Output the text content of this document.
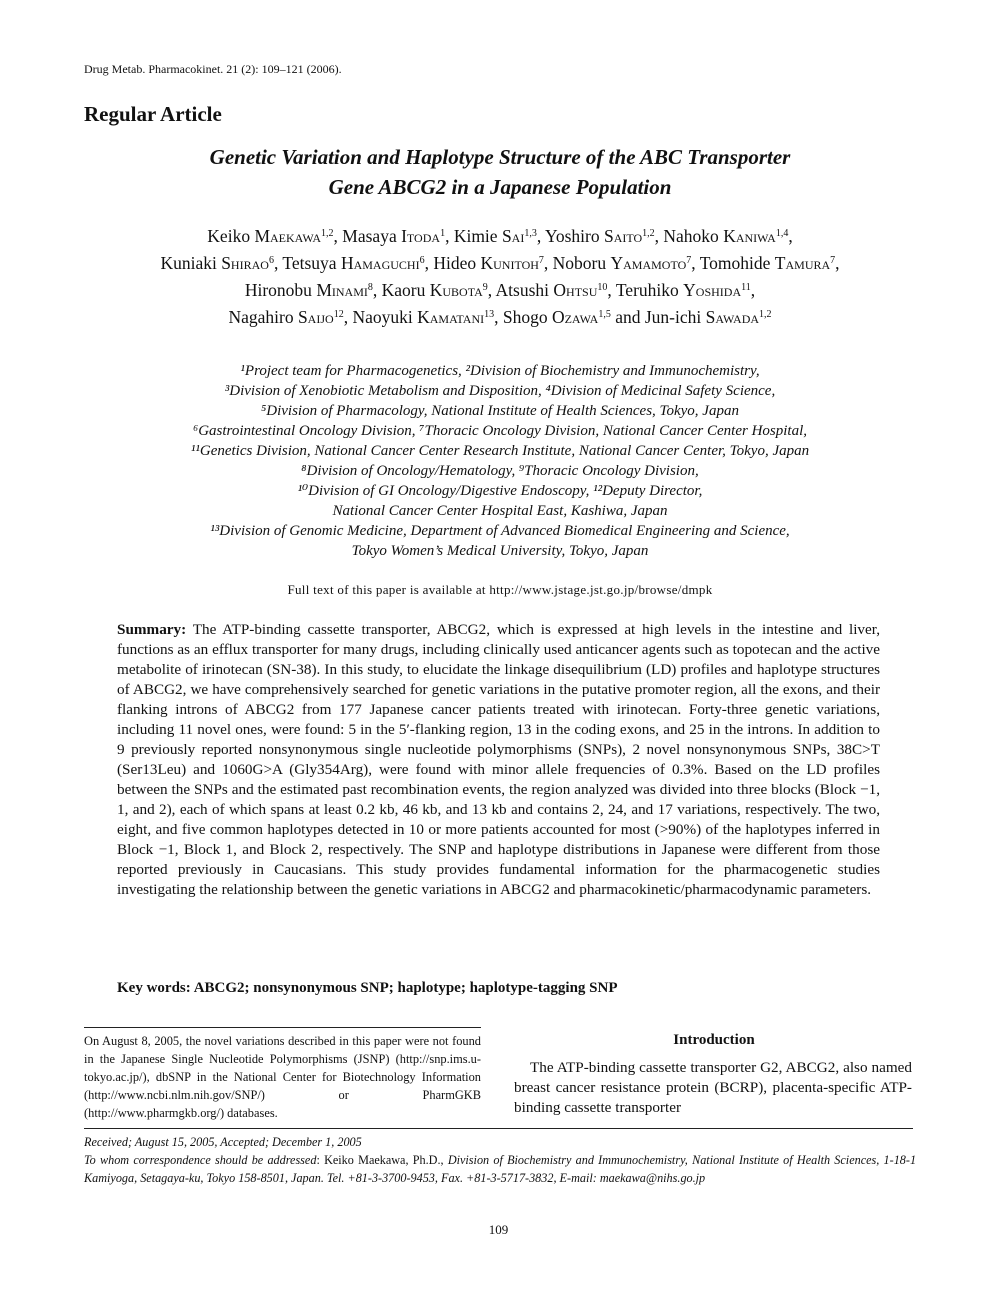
Drug Metab. Pharmacokinet. 21 (2): 109–121 (2006).
Regular Article
Genetic Variation and Haplotype Structure of the ABC Transporter
Gene ABCG2 in a Japanese Population
Keiko Maekawa$^{1,2}$, Masaya Itoda$^1$, Kimie Sai$^{1,3}$, Yoshiro Saito$^{1,2}$, Nahoko Kaniwa$^{1,4}$,
Kuniaki Shirao$^6$, Tetsuya Hamaguchi$^6$, Hideo Kunitoh$^7$, Noboru Yamamoto$^7$, Tomohide Tamura$^7$,
Hironobu Minami$^8$, Kaoru Kubota$^9$, Atsushi Ohtsu$^{10}$, Teruhiko Yoshida$^{11}$,
Nagahiro Saijo$^{12}$, Naoyuki Kamatani$^{13}$, Shogo Ozawa$^{1,5}$ and Jun-ichi Sawada$^{1,2}$
¹Project team for Pharmacogenetics, ²Division of Biochemistry and Immunochemistry,
³Division of Xenobiotic Metabolism and Disposition, ⁴Division of Medicinal Safety Science,
⁵Division of Pharmacology, National Institute of Health Sciences, Tokyo, Japan
⁶Gastrointestinal Oncology Division, ⁷Thoracic Oncology Division, National Cancer Center Hospital,
¹¹Genetics Division, National Cancer Center Research Institute, National Cancer Center, Tokyo, Japan
⁸Division of Oncology/Hematology, ⁹Thoracic Oncology Division,
¹⁰Division of GI Oncology/Digestive Endoscopy, ¹²Deputy Director,
National Cancer Center Hospital East, Kashiwa, Japan
¹³Division of Genomic Medicine, Department of Advanced Biomedical Engineering and Science,
Tokyo Women’s Medical University, Tokyo, Japan
Full text of this paper is available at http://www.jstage.jst.go.jp/browse/dmpk
Summary: The ATP-binding cassette transporter, ABCG2, which is expressed at high levels in the intestine and liver, functions as an efflux transporter for many drugs, including clinically used anticancer agents such as topotecan and the active metabolite of irinotecan (SN-38). In this study, to elucidate the linkage disequilibrium (LD) profiles and haplotype structures of ABCG2, we have comprehensively searched for genetic variations in the putative promoter region, all the exons, and their flanking introns of ABCG2 from 177 Japanese cancer patients treated with irinotecan. Forty-three genetic variations, including 11 novel ones, were found: 5 in the 5′-flanking region, 13 in the coding exons, and 25 in the introns. In addition to 9 previously reported nonsynonymous single nucleotide polymorphisms (SNPs), 2 novel nonsynonymous SNPs, 38C>T (Ser13Leu) and 1060G>A (Gly354Arg), were found with minor allele frequencies of 0.3%. Based on the LD profiles between the SNPs and the estimated past recombination events, the region analyzed was divided into three blocks (Block −1, 1, and 2), each of which spans at least 0.2 kb, 46 kb, and 13 kb and contains 2, 24, and 17 variations, respectively. The two, eight, and five common haplotypes detected in 10 or more patients accounted for most (>90%) of the haplotypes inferred in Block −1, Block 1, and Block 2, respectively. The SNP and haplotype distributions in Japanese were different from those reported previously in Caucasians. This study provides fundamental information for the pharmacogenetic studies investigating the relationship between the genetic variations in ABCG2 and pharmacokinetic/pharmacodynamic parameters.
Key words: ABCG2; nonsynonymous SNP; haplotype; haplotype-tagging SNP
On August 8, 2005, the novel variations described in this paper were not found in the Japanese Single Nucleotide Polymorphisms (JSNP) (http://snp.ims.u-tokyo.ac.jp/), dbSNP in the National Center for Biotechnology Information (http://www.ncbi.nlm.nih.gov/SNP/) or PharmGKB (http://www.pharmgkb.org/) databases.
Introduction
The ATP-binding cassette transporter G2, ABCG2, also named breast cancer resistance protein (BCRP), placenta-specific ATP-binding cassette transporter
Received; August 15, 2005, Accepted; December 1, 2005
To whom correspondence should be addressed: Keiko Maekawa, Ph.D., Division of Biochemistry and Immunochemistry, National Institute of Health Sciences, 1-18-1 Kamiyoga, Setagaya-ku, Tokyo 158-8501, Japan. Tel. +81-3-3700-9453, Fax. +81-3-5717-3832, E-mail: maekawa@nihs.go.jp
109
